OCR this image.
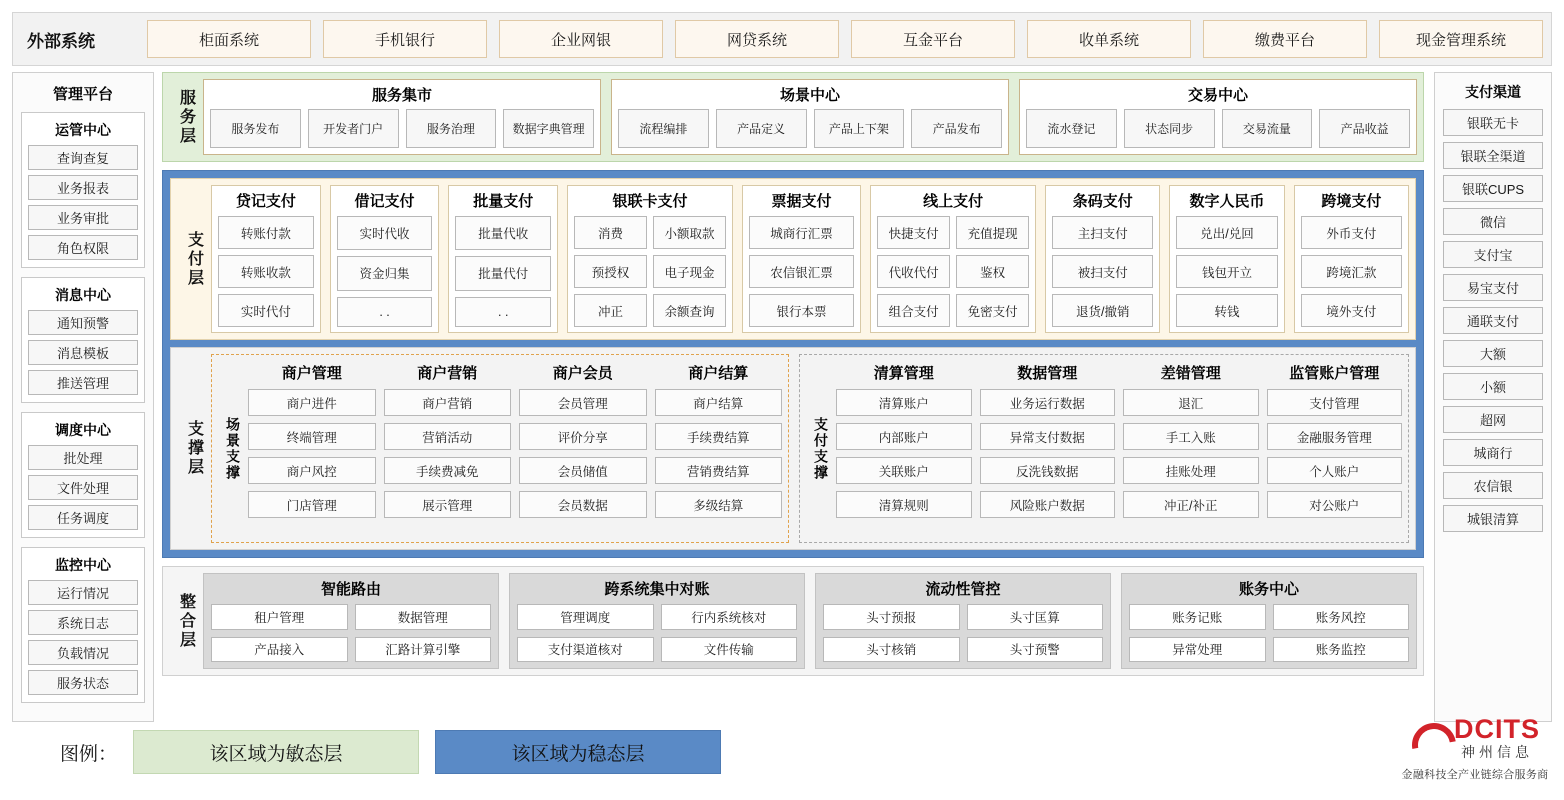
外部系统	柜面系统	手机银行	企业网银	网贷系统	互金平台	收单系统	缴费平台	现金管理系统
管理平台
运管中心
查询查复
业务报表
业务审批
角色权限
消息中心
通知预警
消息模板
推送管理
调度中心
批处理
文件处理
任务调度
监控中心
运行情况
系统日志
负载情况
服务状态
支付渠道
银联无卡
银联全渠道
银联CUPS
微信
支付宝
易宝支付
通联支付
大额
小额
超网
城商行
农信银
城银清算
服务层	服务集市
服务发布	开发者门户	服务治理	数据字典管理
场景中心
流程编排	产品定义	产品上下架	产品发布
交易中心
流水登记	状态同步	交易流量	产品收益
支付层
贷记支付
转账付款
转账收款
实时代付
借记支付
实时代收
资金归集
. .
批量支付
批量代收
批量代付
. .
银联卡支付
消费	小额取款
预授权	电子现金
冲正	余额查询
票据支付
城商行汇票
农信银汇票
银行本票
线上支付
快捷支付	充值提现
代收代付	鉴权
组合支付	免密支付
条码支付
主扫支付
被扫支付
退货/撤销
数字人民币
兑出/兑回
钱包开立
转钱
跨境支付
外币支付
跨境汇款
境外支付
支撑层	场景支撑
商户管理
商户进件
终端管理
商户风控
门店管理
商户营销
商户营销
营销活动
手续费减免
展示管理
商户会员
会员管理
评价分享
会员储值
会员数据
商户结算
商户结算
手续费结算
营销费结算
多级结算
支付支撑
清算管理
清算账户
内部账户
关联账户
清算规则
数据管理
业务运行数据
异常支付数据
反洗钱数据
风险账户数据
差错管理
退汇
手工入账
挂账处理
冲正/补正
监管账户管理
支付管理
金融服务管理
个人账户
对公账户
整合层
智能路由
租户管理	数据管理
产品接入	汇路计算引擎
跨系统集中对账
管理调度	行内系统核对
支付渠道核对	文件传输
流动性管控
头寸预报	头寸匡算
头寸核销	头寸预警
账务中心
账务记账	账务风控
异常处理	账务监控
图例：	该区域为敏态层	该区域为稳态层
DCITS
神州信息
金融科技全产业链综合服务商
